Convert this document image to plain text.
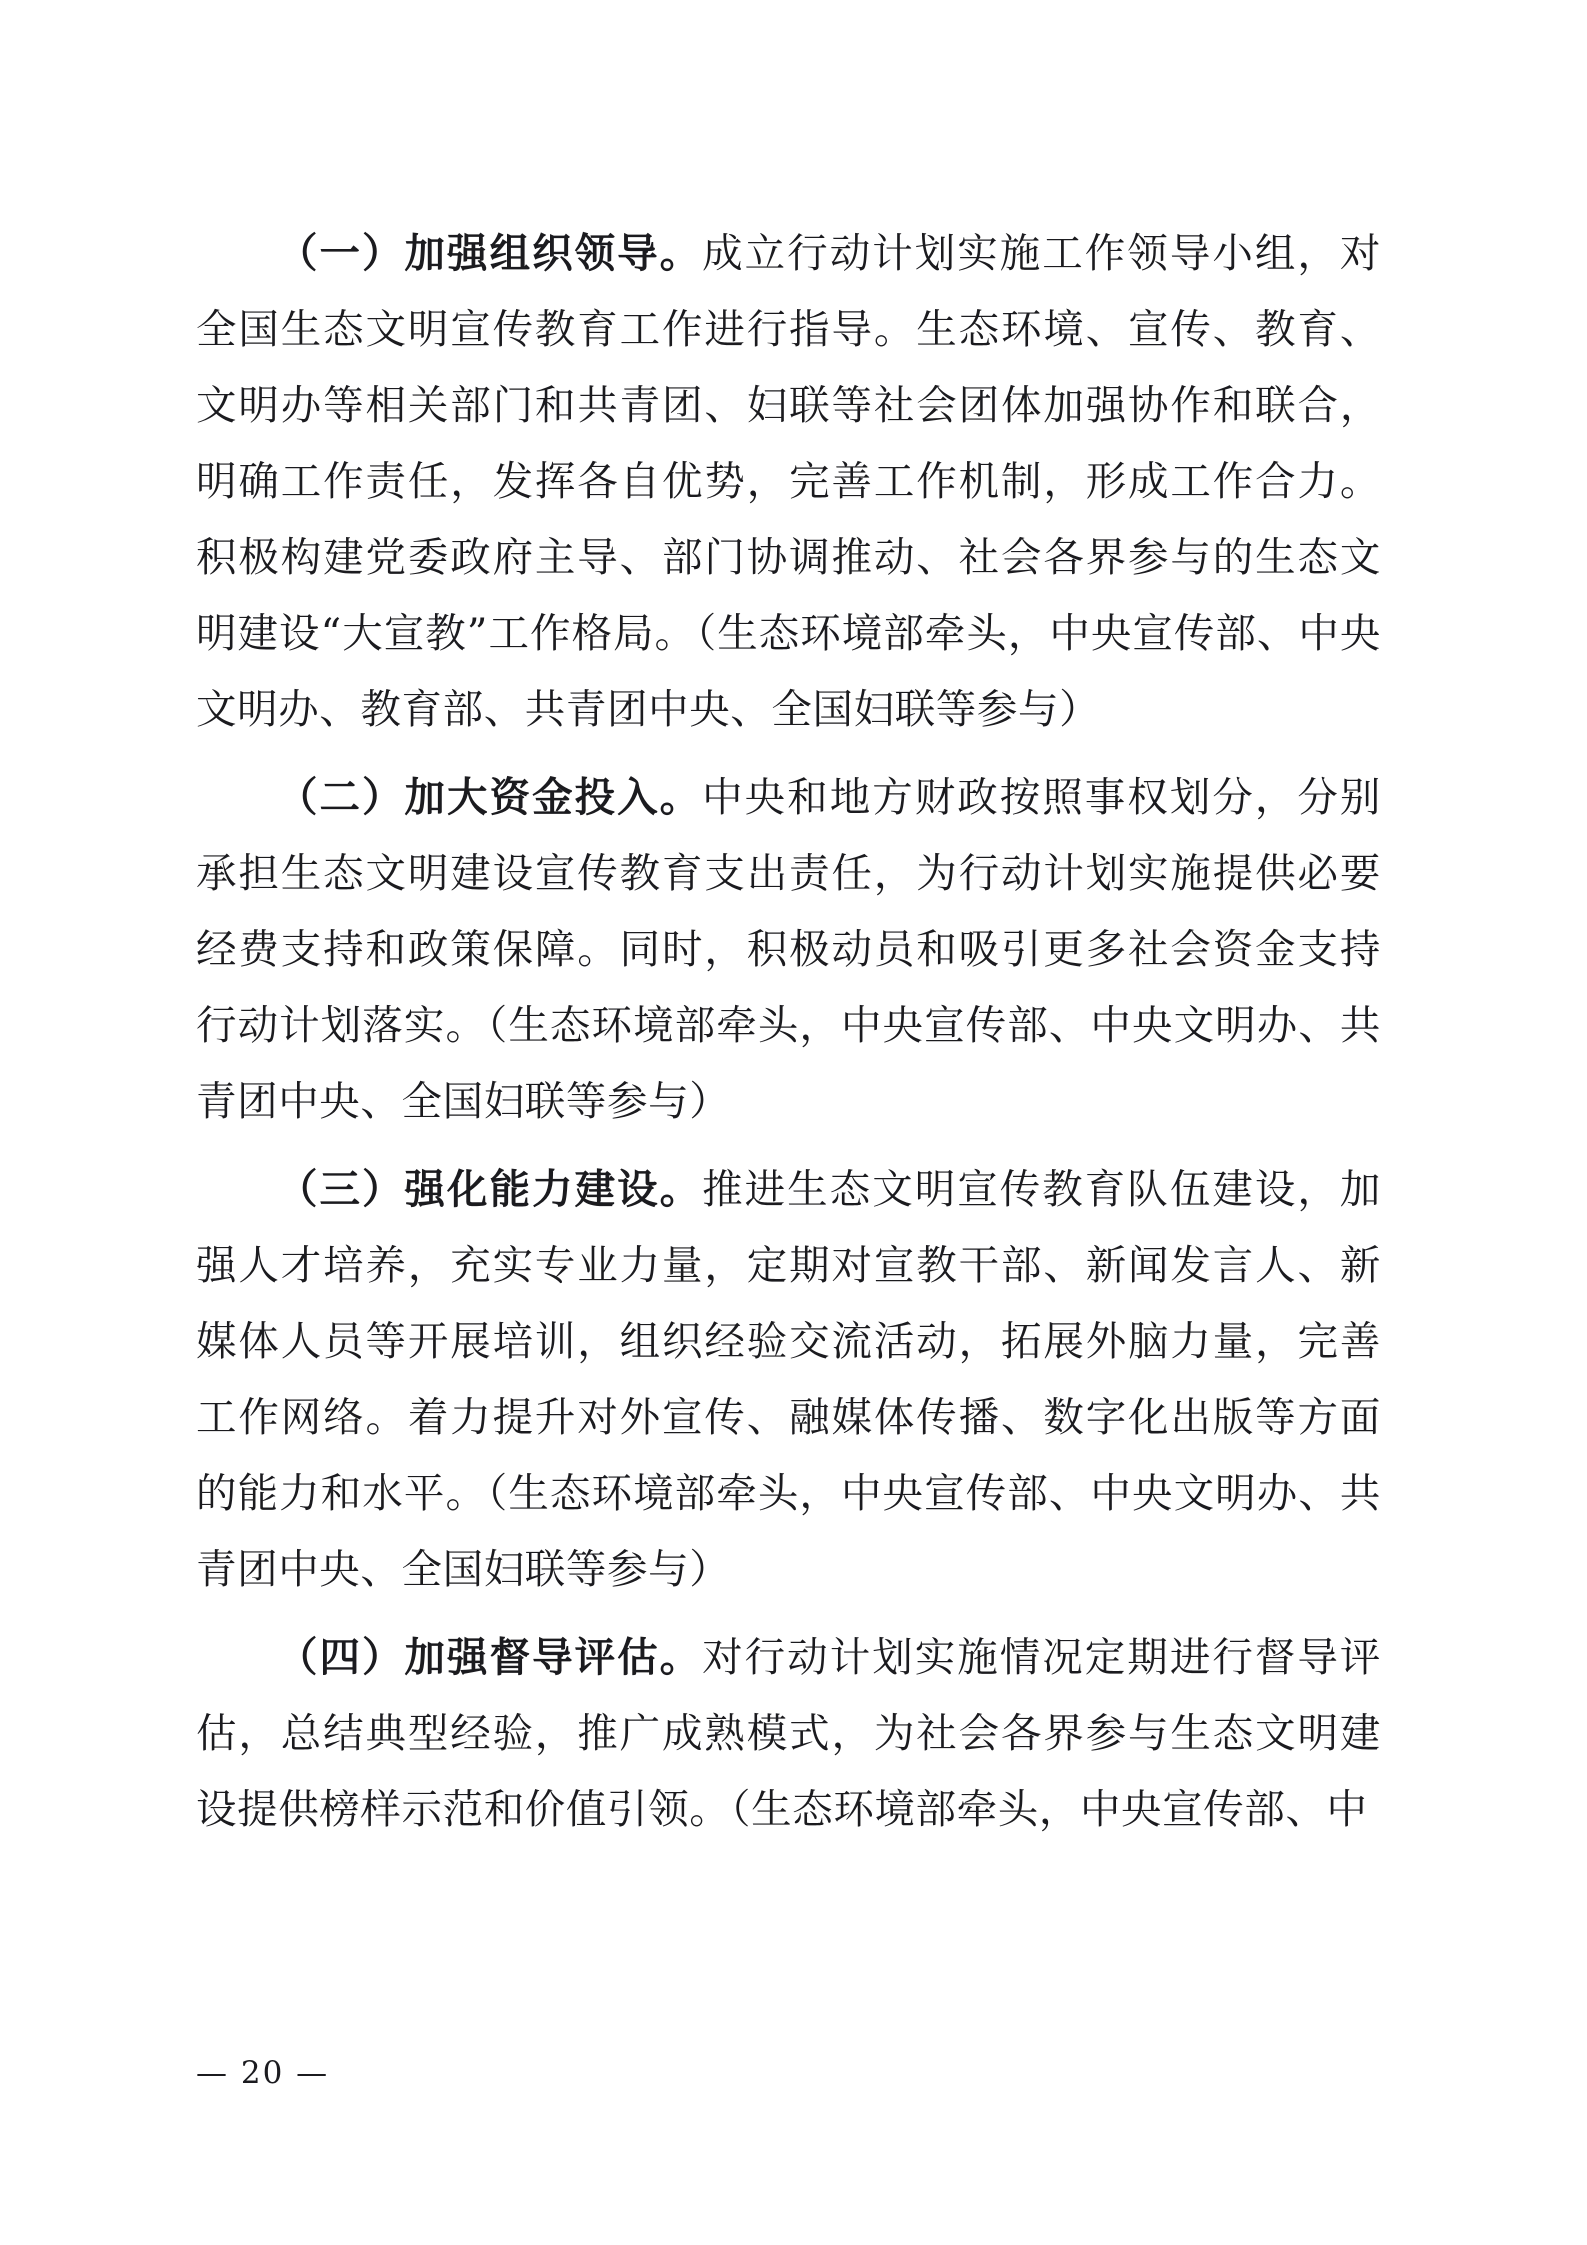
（一）加强组织领导。成立行动计划实施工作领导小组，对全国生态文明宣传教育工作进行指导。生态环境、宣传、教育、文明办等相关部门和共青团、妇联等社会团体加强协作和联合，明确工作责任，发挥各自优势，完善工作机制，形成工作合力。积极构建党委政府主导、部门协调推动、社会各界参与的生态文明建设“大宣教”工作格局。（生态环境部牵头，中央宣传部、中央文明办、教育部、共青团中央、全国妇联等参与）

（二）加大资金投入。中央和地方财政按照事权划分，分别承担生态文明建设宣传教育支出责任，为行动计划实施提供必要经费支持和政策保障。同时，积极动员和吸引更多社会资金支持行动计划落实。（生态环境部牵头，中央宣传部、中央文明办、共青团中央、全国妇联等参与）

（三）强化能力建设。推进生态文明宣传教育队伍建设，加强人才培养，充实专业力量，定期对宣教干部、新闻发言人、新媒体人员等开展培训，组织经验交流活动，拓展外脑力量，完善工作网络。着力提升对外宣传、融媒体传播、数字化出版等方面的能力和水平。（生态环境部牵头，中央宣传部、中央文明办、共青团中央、全国妇联等参与）

（四）加强督导评估。对行动计划实施情况定期进行督导评估，总结典型经验，推广成熟模式，为社会各界参与生态文明建设提供榜样示范和价值引领。（生态环境部牵头，中央宣传部、中

— 20 —
